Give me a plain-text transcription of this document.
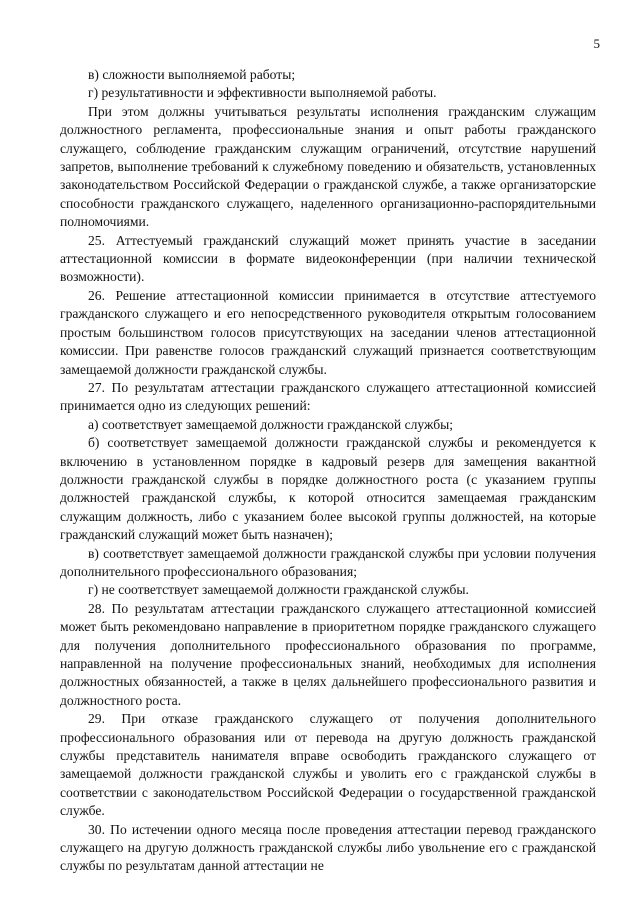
5

в) сложности выполняемой работы;

г) результативности и эффективности выполняемой работы.

При этом должны учитываться результаты исполнения гражданским служащим должностного регламента, профессиональные знания и опыт работы гражданского служащего, соблюдение гражданским служащим ограничений, отсутствие нарушений запретов, выполнение требований к служебному поведению и обязательств, установленных законодательством Российской Федерации о гражданской службе, а также организаторские способности гражданского служащего, наделенного организационно-распорядительными полномочиями.

25. Аттестуемый гражданский служащий может принять участие в заседании аттестационной комиссии в формате видеоконференции (при наличии технической возможности).

26. Решение аттестационной комиссии принимается в отсутствие аттестуемого гражданского служащего и его непосредственного руководителя открытым голосованием простым большинством голосов присутствующих на заседании членов аттестационной комиссии. При равенстве голосов гражданский служащий признается соответствующим замещаемой должности гражданской службы.

27. По результатам аттестации гражданского служащего аттестационной комиссией принимается одно из следующих решений:

а) соответствует замещаемой должности гражданской службы;

б) соответствует замещаемой должности гражданской службы и рекомендуется к включению в установленном порядке в кадровый резерв для замещения вакантной должности гражданской службы в порядке должностного роста (с указанием группы должностей гражданской службы, к которой относится замещаемая гражданским служащим должность, либо с указанием более высокой группы должностей, на которые гражданский служащий может быть назначен);

в) соответствует замещаемой должности гражданской службы при условии получения дополнительного профессионального образования;

г) не соответствует замещаемой должности гражданской службы.

28. По результатам аттестации гражданского служащего аттестационной комиссией может быть рекомендовано направление в приоритетном порядке гражданского служащего для получения дополнительного профессионального образования по программе, направленной на получение профессиональных знаний, необходимых для исполнения должностных обязанностей, а также в целях дальнейшего профессионального развития и должностного роста.

29. При отказе гражданского служащего от получения дополнительного профессионального образования или от перевода на другую должность гражданской службы представитель нанимателя вправе освободить гражданского служащего от замещаемой должности гражданской службы и уволить его с гражданской службы в соответствии с законодательством Российской Федерации о государственной гражданской службе.

30. По истечении одного месяца после проведения аттестации перевод гражданского служащего на другую должность гражданской службы либо увольнение его с гражданской службы по результатам данной аттестации не
